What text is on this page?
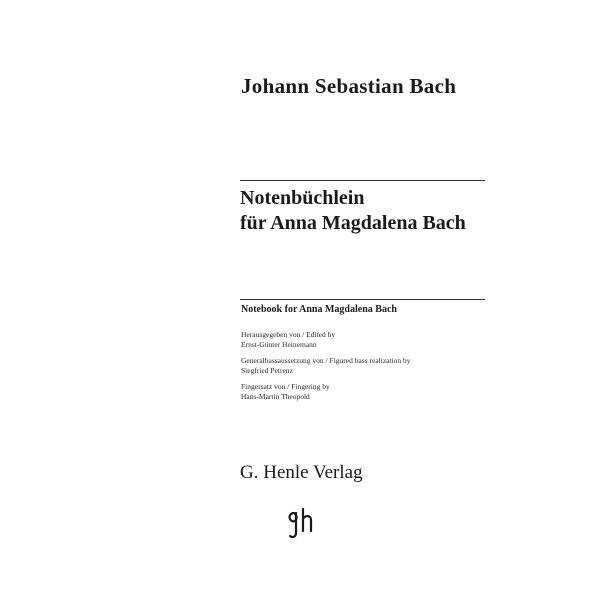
Johann Sebastian Bach
Notenbüchlein
für Anna Magdalena Bach
Notebook for Anna Magdalena Bach
Herausgegeben von / Edited by
Ernst-Günter Heinemann
Generalbassaussetzung von / Figured bass realization by
Siegfried Petrenz
Fingersatz von / Fingering by
Hans-Martin Theopold
G. Henle Verlag
